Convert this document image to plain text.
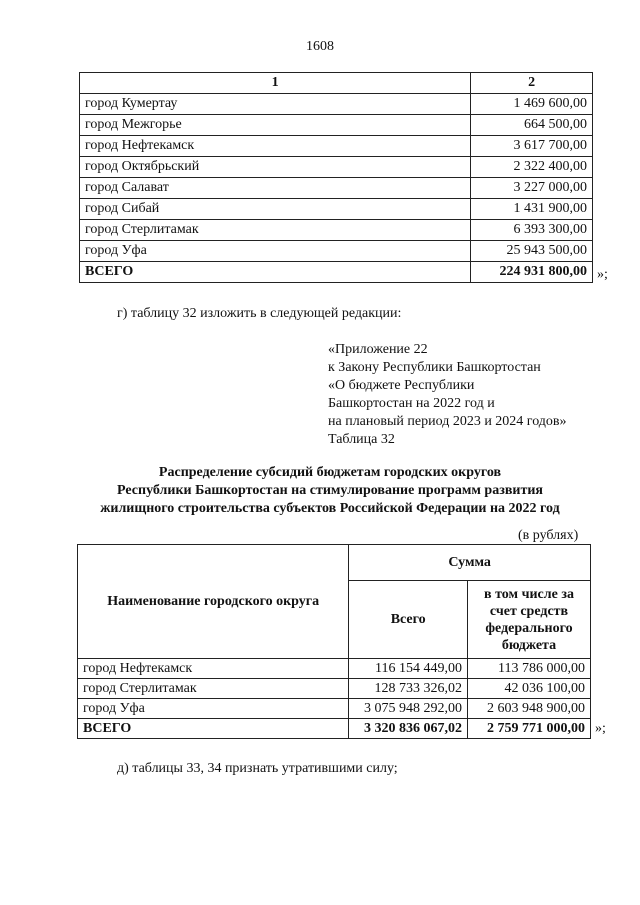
1608
1	2
город Кумертау	1 469 600,00
город Межгорье	664 500,00
город Нефтекамск	3 617 700,00
город Октябрьский	2 322 400,00
город Салават	3 227 000,00
город Сибай	1 431 900,00
город Стерлитамак	6 393 300,00
город Уфа	25 943 500,00
ВСЕГО	224 931 800,00 »;
г) таблицу 32 изложить в следующей редакции:
«Приложение 22
к Закону Республики Башкортостан
«О бюджете Республики
Башкортостан на 2022 год и
на плановый период 2023 и 2024 годов»
Таблица 32
Распределение субсидий бюджетам городских округов
Республики Башкортостан на стимулирование программ развития
жилищного строительства субъектов Российской Федерации на 2022 год
(в рублях)
Наименование городского округа	Сумма	
	Всего	в том числе за счет средств федерального бюджета
город Нефтекамск	116 154 449,00	113 786 000,00
город Стерлитамак	128 733 326,02	42 036 100,00
город Уфа	3 075 948 292,00	2 603 948 900,00
ВСЕГО	3 320 836 067,02	2 759 771 000,00 »;
д) таблицы 33, 34 признать утратившими силу;
